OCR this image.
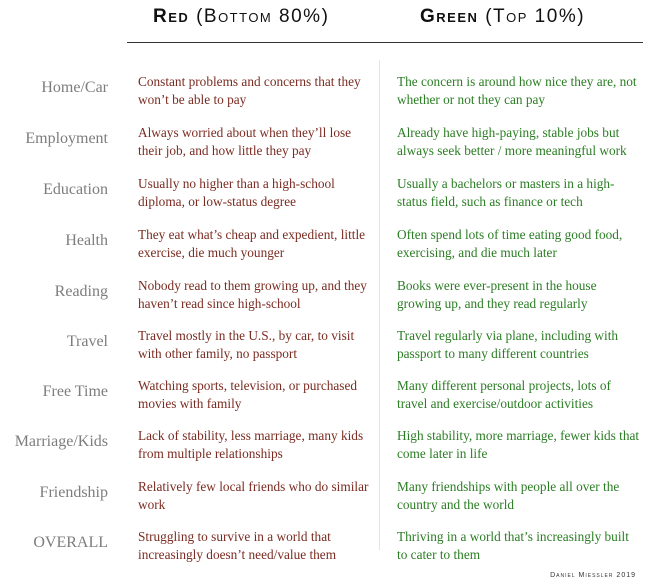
Red (Bottom 80%)	Green (Top 10%)
Home/Car Constant problems and concerns that they won’t be able to pay
The concern is around how nice they are, not whether or not they can pay
Employment Always worried about when they’ll lose their job, and how little they pay
Already have high-paying, stable jobs but always seek better / more meaningful work
Education Usually no higher than a high-school diploma, or low-status degree
Usually a bachelors or masters in a high-status field, such as finance or tech
Health They eat what’s cheap and expedient, little exercise, die much younger
Often spend lots of time eating good food, exercising, and die much later
Reading Nobody read to them growing up, and they haven’t read since high-school
Books were ever-present in the house growing up, and they read regularly
Travel Travel mostly in the U.S., by car, to visit with other family, no passport
Travel regularly via plane, including with passport to many different countries
Free Time Watching sports, television, or purchased movies with family
Many different personal projects, lots of travel and exercise/outdoor activities
Marriage/Kids Lack of stability, less marriage, many kids from multiple relationships
High stability, more marriage, fewer kids that come later in life
Friendship Relatively few local friends who do similar work
Many friendships with people all over the country and the world
OVERALL Struggling to survive in a world that increasingly doesn’t need/value them
Thriving in a world that’s increasingly built to cater to them
Daniel Miessler 2019
